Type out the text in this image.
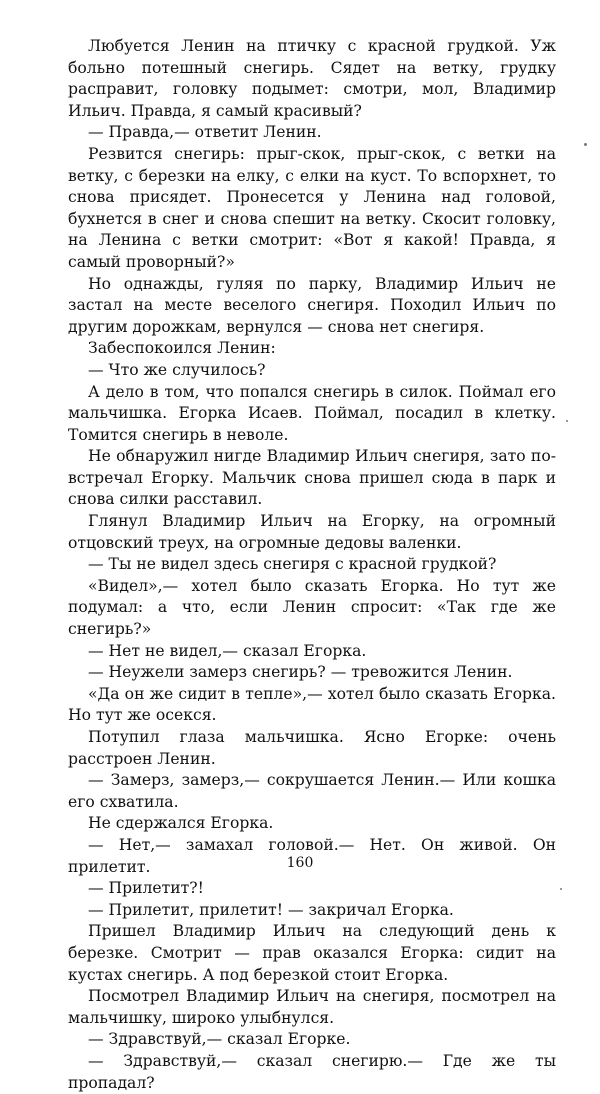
Любуется Ленин на птичку с красной грудкой. Уж больно потешный снегирь. Сядет на ветку, грудку расправит, головку подымет: смотри, мол, Владимир Ильич. Правда, я самый красивый?

— Правда,— ответит Ленин.

Резвится снегирь: прыг-скок, прыг-скок, с ветки на ветку, с березки на елку, с елки на куст. То вспорхнет, то снова присядет. Пронесется у Ленина над головой, бухнется в снег и снова спешит на ветку. Скосит головку, на Ленина с ветки смотрит: «Вот я какой! Правда, я самый проворный?»

Но однажды, гуляя по парку, Владимир Ильич не застал на месте веселого снегиря. Походил Ильич по другим дорожкам, вернулся — снова нет снегиря.

Забеспокоился Ленин:

— Что же случилось?

А дело в том, что попался снегирь в силок. Поймал его мальчишка. Егорка Исаев. Поймал, посадил в клетку. Томится снегирь в неволе.

Не обнаружил нигде Владимир Ильич снегиря, зато повстречал Егорку. Мальчик снова пришел сюда в парк и снова силки расставил.

Глянул Владимир Ильич на Егорку, на огромный отцовский треух, на огромные дедовы валенки.

— Ты не видел здесь снегиря с красной грудкой?

«Видел»,— хотел было сказать Егорка. Но тут же подумал: а что, если Ленин спросит: «Так где же снегирь?»

— Нет не видел,— сказал Егорка.

— Неужели замерз снегирь? — тревожится Ленин.

«Да он же сидит в тепле»,— хотел было сказать Егорка. Но тут же осекся.

Потупил глаза мальчишка. Ясно Егорке: очень расстроен Ленин.

— Замерз, замерз,— сокрушается Ленин.— Или кошка его схватила.

Не сдержался Егорка.

— Нет,— замахал головой.— Нет. Он живой. Он прилетит.

— Прилетит?!

— Прилетит, прилетит! — закричал Егорка.

Пришел Владимир Ильич на следующий день к березке. Смотрит — прав оказался Егорка: сидит на кустах снегирь. А под березкой стоит Егорка.

Посмотрел Владимир Ильич на снегиря, посмотрел на мальчишку, широко улыбнулся.

— Здравствуй,— сказал Егорке.

— Здравствуй,— сказал снегирю.— Где же ты пропадал?

160
